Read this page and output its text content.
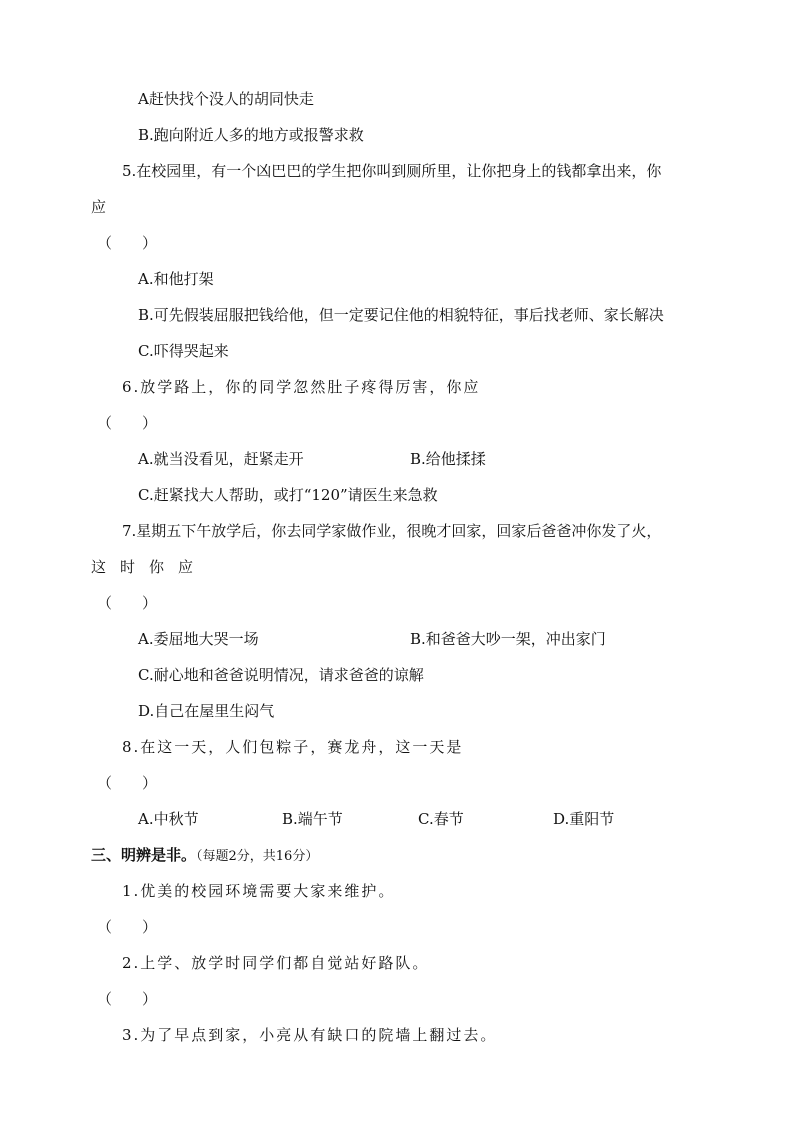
A赶快找个没人的胡同快走
B.跑向附近人多的地方或报警求救
5.在校园里，有一个凶巴巴的学生把你叫到厕所里，让你把身上的钱都拿出来，你
应
（　　）
A.和他打架
B.可先假装屈服把钱给他，但一定要记住他的相貌特征，事后找老师、家长解决
C.吓得哭起来
6.放学路上，你的同学忽然肚子疼得厉害，你应
（　　）
A.就当没看见，赶紧走开	B.给他揉揉
C.赶紧找大人帮助，或打“120”请医生来急救
7.星期五下午放学后，你去同学家做作业，很晚才回家，回家后爸爸冲你发了火，
这时你应
（　　）
A.委屈地大哭一场	B.和爸爸大吵一架，冲出家门
C.耐心地和爸爸说明情况，请求爸爸的谅解
D.自己在屋里生闷气
8.在这一天，人们包粽子，赛龙舟，这一天是
（　　）
A.中秋节	B.端午节	C.春节	D.重阳节
三、明辨是非。（每题2分，共16分）
1.优美的校园环境需要大家来维护。
（　　）
2.上学、放学时同学们都自觉站好路队。
（　　）
3.为了早点到家，小亮从有缺口的院墙上翻过去。
